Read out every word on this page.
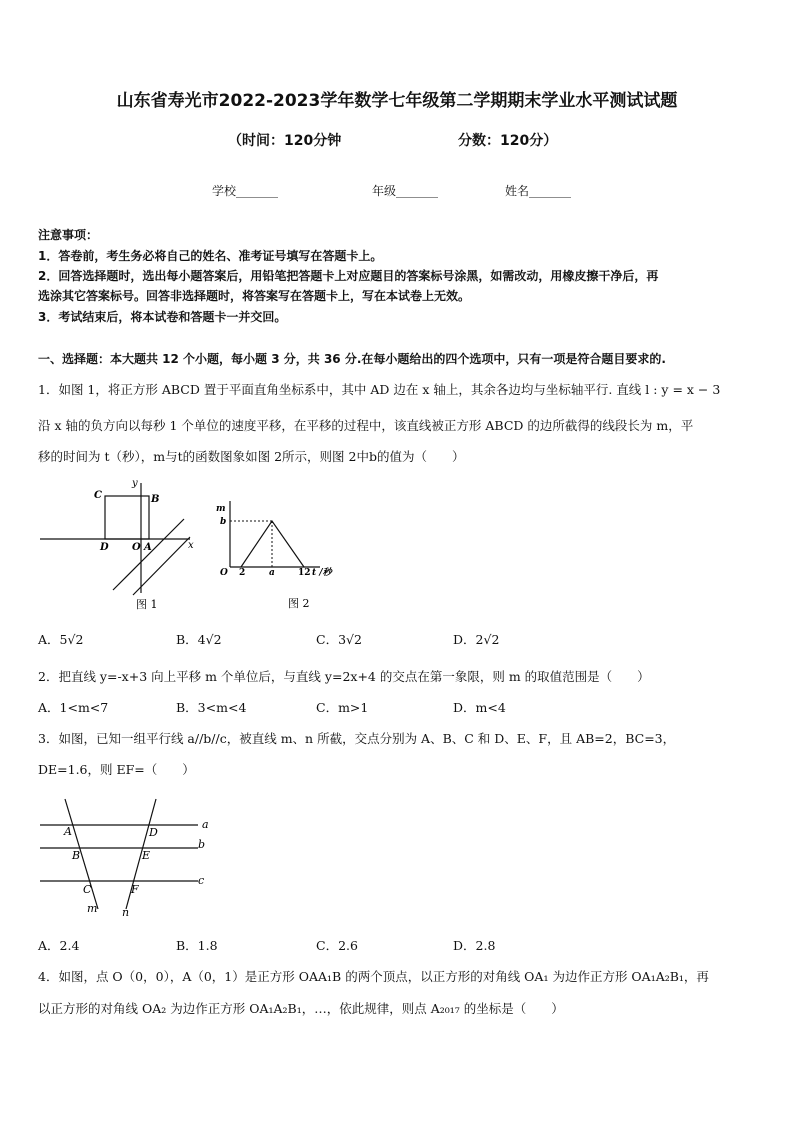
山东省寿光市2022-2023学年数学七年级第二学期期末学业水平测试试题
（时间：120分钟	分数：120分）
学校_______	年级_______	姓名_______
注意事项：
1．答卷前，考生务必将自己的姓名、准考证号填写在答题卡上。
2．回答选择题时，选出每小题答案后，用铅笔把答题卡上对应题目的答案标号涂黑，如需改动，用橡皮擦干净后，再
选涂其它答案标号。回答非选择题时，将答案写在答题卡上，写在本试卷上无效。
3．考试结束后，将本试卷和答题卡一并交回。
一、选择题：本大题共 12 个小题，每小题 3 分，共 36 分.在每小题给出的四个选项中，只有一项是符合题目要求的.
1．如图 1，将正方形 ABCD 置于平面直角坐标系中，其中 AD 边在 x 轴上，其余各边均与坐标轴平行. 直线 l : y = x − 3
沿 x 轴的负方向以每秒 1 个单位的速度平移，在平移的过程中，该直线被正方形 ABCD 的边所截得的线段长为 m，平
移的时间为 t（秒），m与t的函数图象如图 2所示，则图 2中b的值为（　　）
C	B
D O A	x
y
图 1
m
b
O 2	a	12 t /秒
图 2
A．5√2	B．4√2	C．3√2	D．2√2
2．把直线 y=-x+3 向上平移 m 个单位后，与直线 y=2x+4 的交点在第一象限，则 m 的取值范围是（　　）
A．1<m<7	B．3<m<4	C．m>1	D．m<4
3．如图，已知一组平行线 a//b//c，被直线 m、n 所截，交点分别为 A、B、C 和 D、E、F，且 AB=2，BC=3，
DE=1.6，则 EF=（　　）
a
b
c
A
B
C
D
E
F
m n
A．2.4	B．1.8	C．2.6	D．2.8
4．如图，点 O（0，0），A（0，1）是正方形 OAA₁B 的两个顶点，以正方形的对角线 OA₁ 为边作正方形 OA₁A₂B₁，再
以正方形的对角线 OA₂ 为边作正方形 OA₁A₂B₁，…，依此规律，则点 A₂₀₁₇ 的坐标是（　　）
